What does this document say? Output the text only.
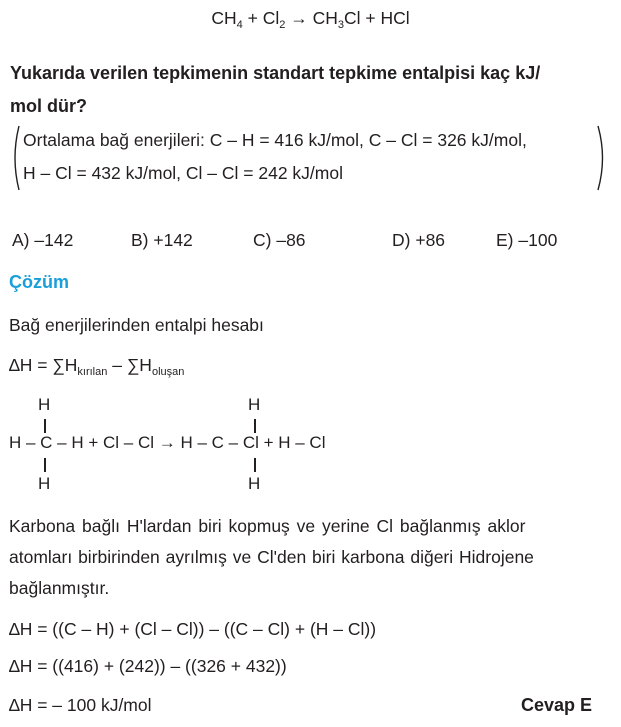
$CH_4 + Cl_2 \to CH_3Cl$ + HCl
Yukarıda verilen tepkimenin standart tepkime entalpisi kaç kJ/
mol dür?
Ortalama bağ enerjileri: C – H = 416 kJ/mol, C – Cl = 326 kJ/mol,
H – Cl = 432 kJ/mol, Cl – Cl = 242 kJ/mol
A) –142	B) +142	C) –86	D) +86	E) –100
Çözüm
Bağ enerjilerinden entalpi hesabı
$\Delta H = \sum H_{kırılan} - \sum H_{oluşan}$
H
H – C – H + Cl – Cl → H – C – Cl + H – Cl
H
H
H
Karbona bağlı H'lardan biri kopmuş ve yerine Cl bağlanmış aklor
atomları birbirinden ayrılmış ve Cl'den biri karbona diğeri Hidrojene
bağlanmıştır.
∆H = ((C – H) + (Cl – Cl)) – ((C – Cl) + (H – Cl))
∆H = ((416) + (242)) – ((326 + 432))
∆H = – 100 kJ/mol	Cevap E
